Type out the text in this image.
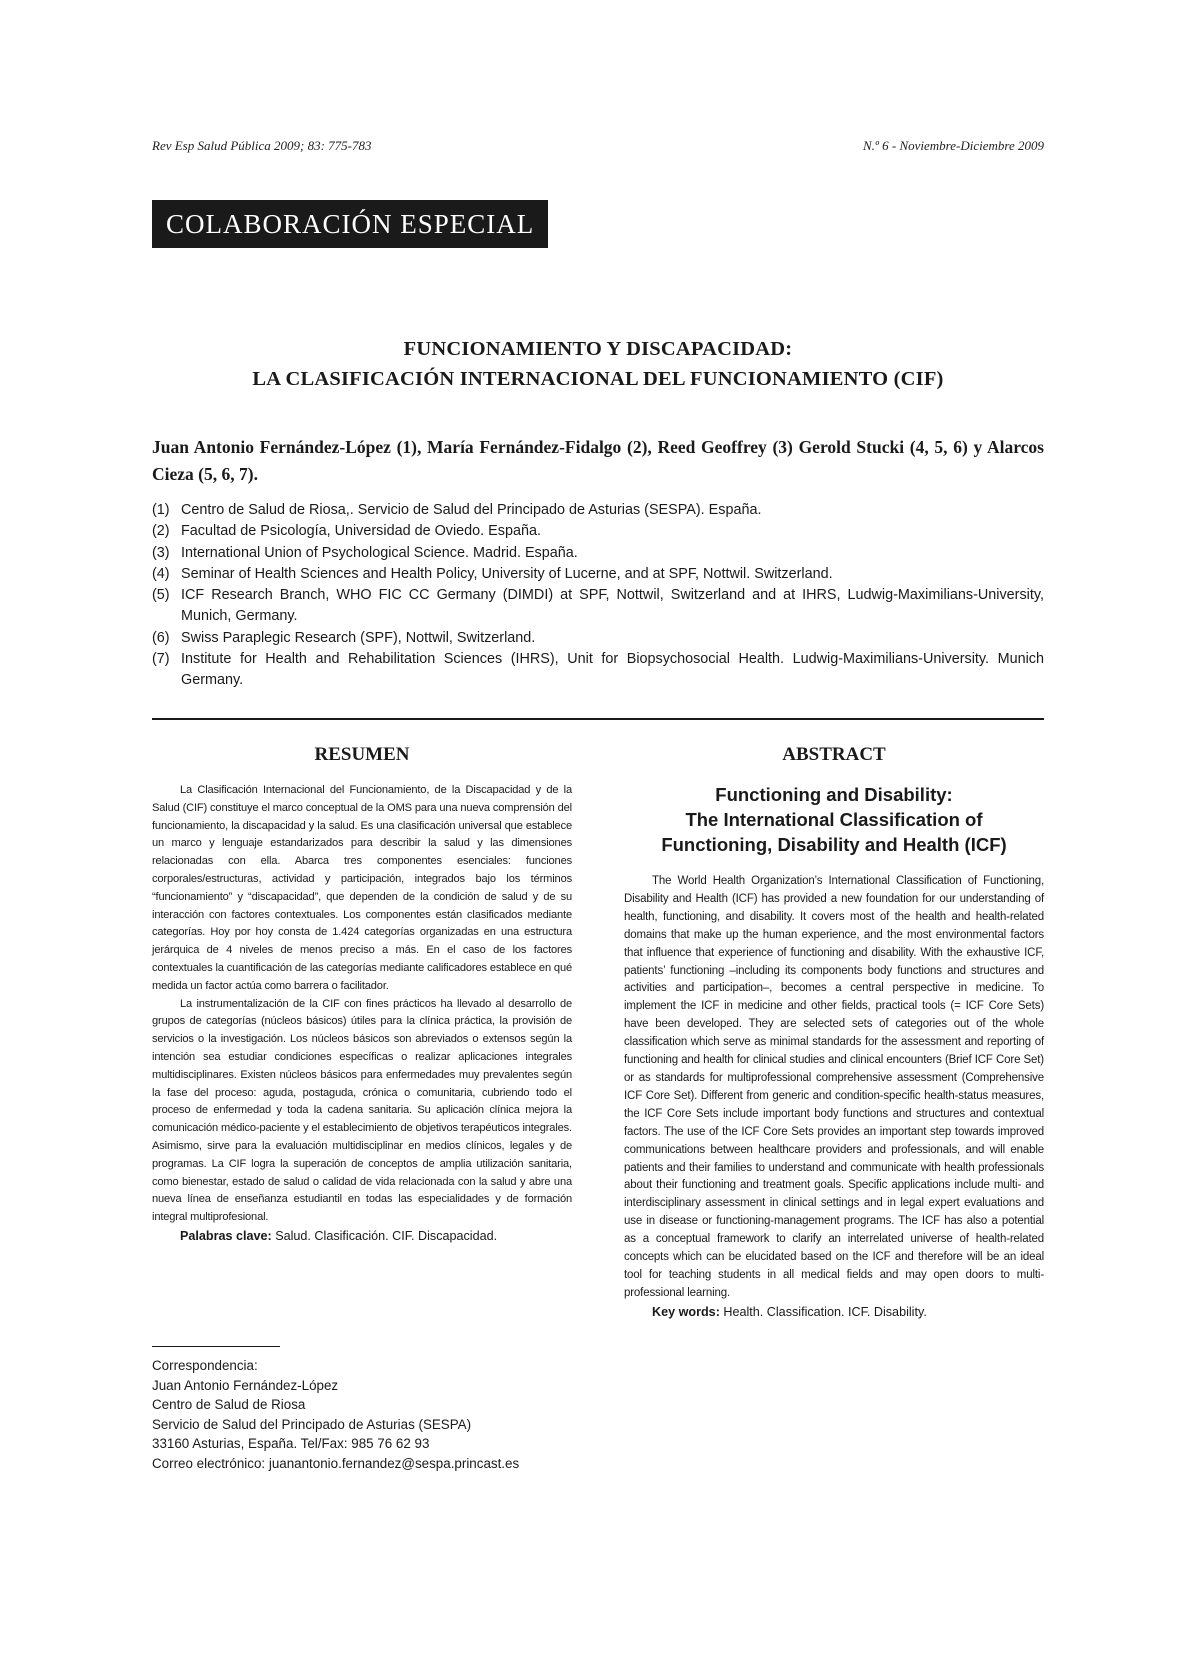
Rev Esp Salud Pública 2009; 83: 775-783	N.º 6 - Noviembre-Diciembre 2009
COLABORACIÓN ESPECIAL
FUNCIONAMIENTO Y DISCAPACIDAD:
LA CLASIFICACIÓN INTERNACIONAL DEL FUNCIONAMIENTO (CIF)
Juan Antonio Fernández-López (1), María Fernández-Fidalgo (2), Reed Geoffrey (3) Gerold Stucki (4, 5, 6) y Alarcos Cieza (5, 6, 7).
(1) Centro de Salud de Riosa,. Servicio de Salud del Principado de Asturias (SESPA). España.
(2) Facultad de Psicología, Universidad de Oviedo. España.
(3) International Union of Psychological Science. Madrid. España.
(4) Seminar of Health Sciences and Health Policy, University of Lucerne, and at SPF, Nottwil. Switzerland.
(5) ICF Research Branch, WHO FIC CC Germany (DIMDI) at SPF, Nottwil, Switzerland and at IHRS, Ludwig-Maximilians-University, Munich, Germany.
(6) Swiss Paraplegic Research (SPF), Nottwil, Switzerland.
(7) Institute for Health and Rehabilitation Sciences (IHRS), Unit for Biopsychosocial Health. Ludwig-Maximilians-University. Munich Germany.
RESUMEN

La Clasificación Internacional del Funcionamiento, de la Discapacidad y de la Salud (CIF) constituye el marco conceptual de la OMS para una nueva comprensión del funcionamiento, la discapacidad y la salud. Es una clasificación universal que establece un marco y lenguaje estandarizados para describir la salud y las dimensiones relacionadas con ella. Abarca tres componentes esenciales: funciones corporales/estructuras, actividad y participación, integrados bajo los términos “funcionamiento” y “discapacidad”, que dependen de la condición de salud y de su interacción con factores contextuales. Los componentes están clasificados mediante categorías. Hoy por hoy consta de 1.424 categorías organizadas en una estructura jerárquica de 4 niveles de menos preciso a más. En el caso de los factores contextuales la cuantificación de las categorías mediante calificadores establece en qué medida un factor actúa como barrera o facilitador.

La instrumentalización de la CIF con fines prácticos ha llevado al desarrollo de grupos de categorías (núcleos básicos) útiles para la clínica práctica, la provisión de servicios o la investigación. Los núcleos básicos son abreviados o extensos según la intención sea estudiar condiciones específicas o realizar aplicaciones integrales multidisciplinares. Existen núcleos básicos para enfermedades muy prevalentes según la fase del proceso: aguda, postaguda, crónica o comunitaria, cubriendo todo el proceso de enfermedad y toda la cadena sanitaria. Su aplicación clínica mejora la comunicación médico-paciente y el establecimiento de objetivos terapéuticos integrales. Asimismo, sirve para la evaluación multidisciplinar en medios clínicos, legales y de programas. La CIF logra la superación de conceptos de amplia utilización sanitaria, como bienestar, estado de salud o calidad de vida relacionada con la salud y abre una nueva línea de enseñanza estudiantil en todas las especialidades y de formación integral multiprofesional.

Palabras clave: Salud. Clasificación. CIF. Discapacidad.

Correspondencia:
Juan Antonio Fernández-López
Centro de Salud de Riosa
Servicio de Salud del Principado de Asturias (SESPA)
33160 Asturias, España. Tel/Fax: 985 76 62 93
Correo electrónico: juanantonio.fernandez@sespa.princast.es
ABSTRACT
Functioning and Disability:
The International Classification of
Functioning, Disability and Health (ICF)

The World Health Organization’s International Classification of Functioning, Disability and Health (ICF) has provided a new foundation for our understanding of health, functioning, and disability. It covers most of the health and health-related domains that make up the human experience, and the most environmental factors that influence that experience of functioning and disability. With the exhaustive ICF, patients’ functioning –including its components body functions and structures and activities and participation–, becomes a central perspective in medicine. To implement the ICF in medicine and other fields, practical tools (= ICF Core Sets) have been developed. They are selected sets of categories out of the whole classification which serve as minimal standards for the assessment and reporting of functioning and health for clinical studies and clinical encounters (Brief ICF Core Set) or as standards for multiprofessional comprehensive assessment (Comprehensive ICF Core Set). Different from generic and condition-specific health-status measures, the ICF Core Sets include important body functions and structures and contextual factors. The use of the ICF Core Sets provides an important step towards improved communications between healthcare providers and professionals, and will enable patients and their families to understand and communicate with health professionals about their functioning and treatment goals. Specific applications include multi- and interdisciplinary assessment in clinical settings and in legal expert evaluations and use in disease or functioning-management programs. The ICF has also a potential as a conceptual framework to clarify an interrelated universe of health-related concepts which can be elucidated based on the ICF and therefore will be an ideal tool for teaching students in all medical fields and may open doors to multi-professional learning.

Key words: Health. Classification. ICF. Disability.
